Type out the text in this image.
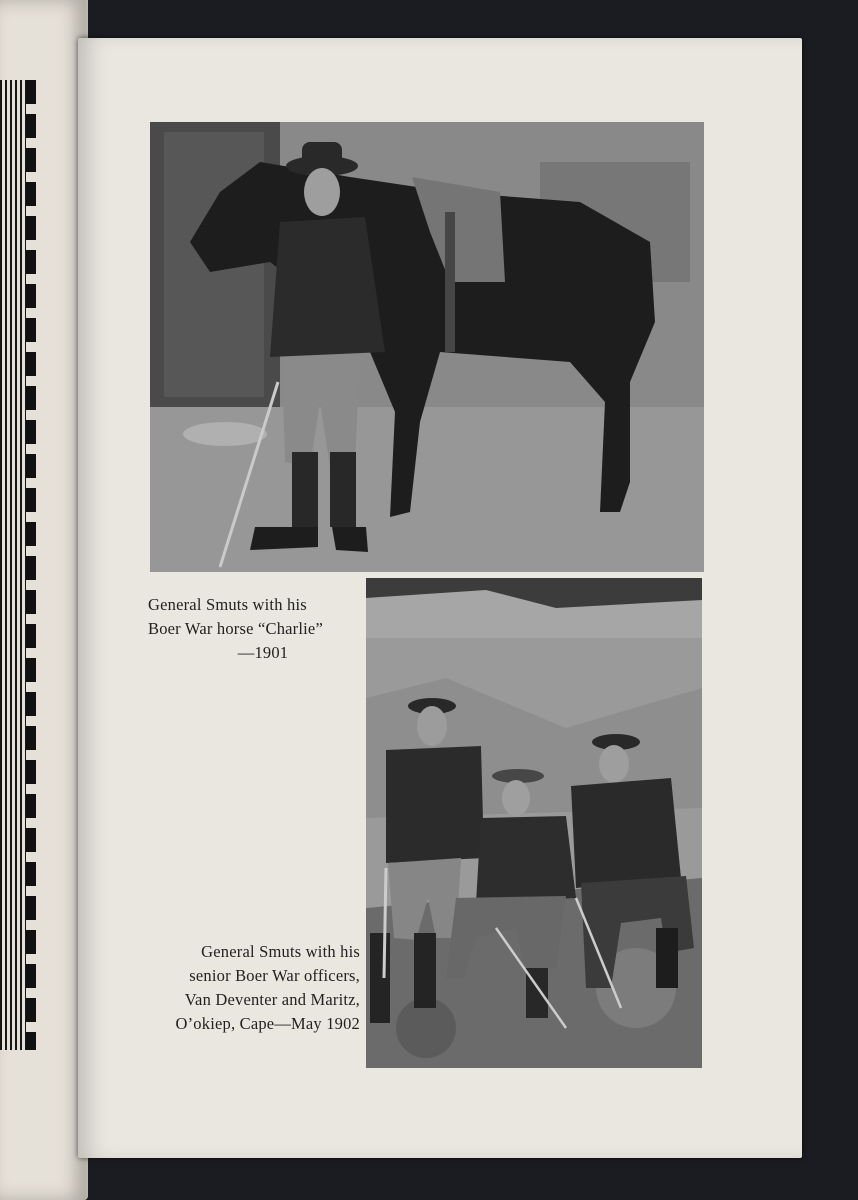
General Smuts with his
Boer War horse “Charlie”
—1901
General Smuts with his
senior Boer War officers,
Van Deventer and Maritz,
O’okiep, Cape—May 1902
